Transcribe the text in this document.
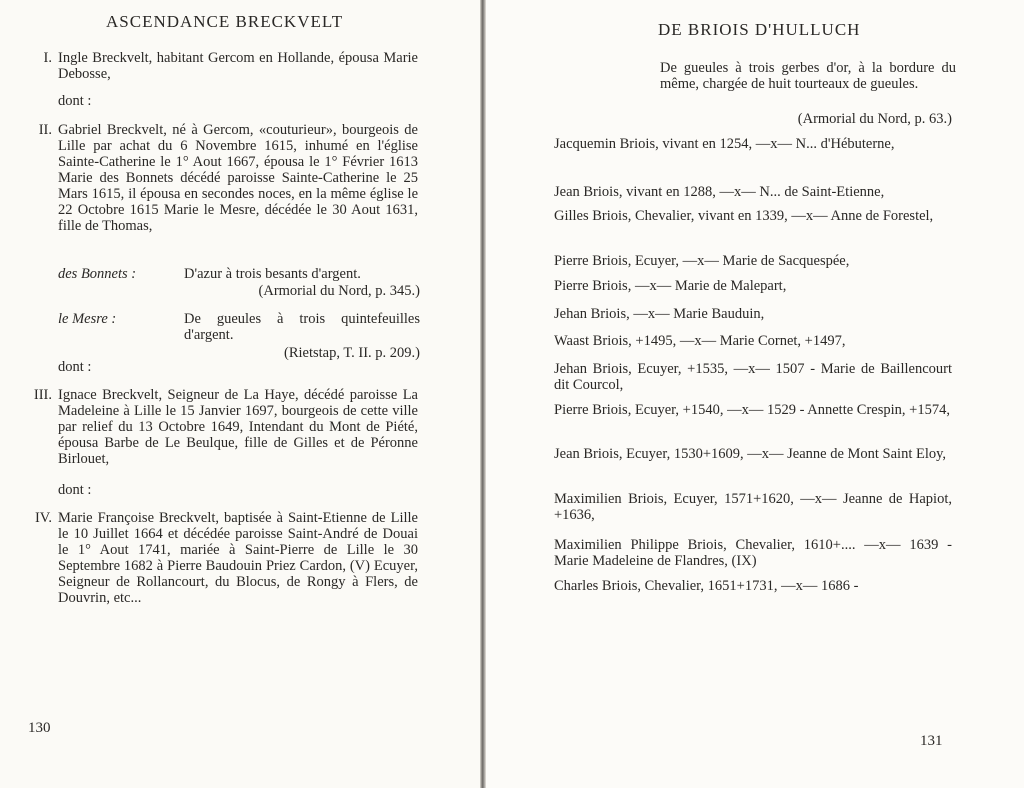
ASCENDANCE BRECKVELT
I. Ingle Breckvelt, habitant Gercom en Hollande, épousa Marie Debosse,
dont :
II. Gabriel Breckvelt, né à Gercom, «couturieur», bourgeois de Lille par achat du 6 Novembre 1615, inhumé en l'église Sainte-Catherine le 1° Aout 1667, épousa le 1° Février 1613 Marie des Bonnets décédé paroisse Sainte-Catherine le 25 Mars 1615, il épousa en secondes noces, en la même église le 22 Octobre 1615 Marie le Mesre, décédée le 30 Aout 1631, fille de Thomas,
des Bonnets :	D'azur à trois besants d'argent.
(Armorial du Nord, p. 345.)
le Mesre :	De gueules à trois quintefeuilles d'argent.
(Rietstap, T. II. p. 209.)
dont :
III. Ignace Breckvelt, Seigneur de La Haye, décédé paroisse La Madeleine à Lille le 15 Janvier 1697, bourgeois de cette ville par relief du 13 Octobre 1649, Intendant du Mont de Piété, épousa Barbe de Le Beulque, fille de Gilles et de Péronne Birlouet,
dont :
IV. Marie Françoise Breckvelt, baptisée à Saint-Etienne de Lille le 10 Juillet 1664 et décédée paroisse Saint-André de Douai le 1° Aout 1741, mariée à Saint-Pierre de Lille le 30 Septembre 1682 à Pierre Baudouin Priez Cardon, (V) Ecuyer, Seigneur de Rollancourt, du Blocus, de Rongy à Flers, de Douvrin, etc...
130
DE BRIOIS D'HULLUCH
De gueules à trois gerbes d'or, à la bordure du même, chargée de huit tourteaux de gueules.
(Armorial du Nord, p. 63.)
Jacquemin Briois, vivant en 1254, —x— N... d'Hébuterne,
Jean Briois, vivant en 1288, —x— N... de Saint-Etienne,
Gilles Briois, Chevalier, vivant en 1339, —x— Anne de Forestel,
Pierre Briois, Ecuyer, —x— Marie de Sacquespée,
Pierre Briois, —x— Marie de Malepart,
Jehan Briois, —x— Marie Bauduin,
Waast Briois, +1495, —x— Marie Cornet, +1497,
Jehan Briois, Ecuyer, +1535, —x— 1507 - Marie de Baillencourt dit Courcol,
Pierre Briois, Ecuyer, +1540, —x— 1529 - Annette Crespin, +1574,
Jean Briois, Ecuyer, 1530+1609, —x— Jeanne de Mont Saint Eloy,
Maximilien Briois, Ecuyer, 1571+1620, —x— Jeanne de Hapiot, +1636,
Maximilien Philippe Briois, Chevalier, 1610+.... —x— 1639 - Marie Madeleine de Flandres, (IX)
Charles Briois, Chevalier, 1651+1731, —x— 1686 -
131
